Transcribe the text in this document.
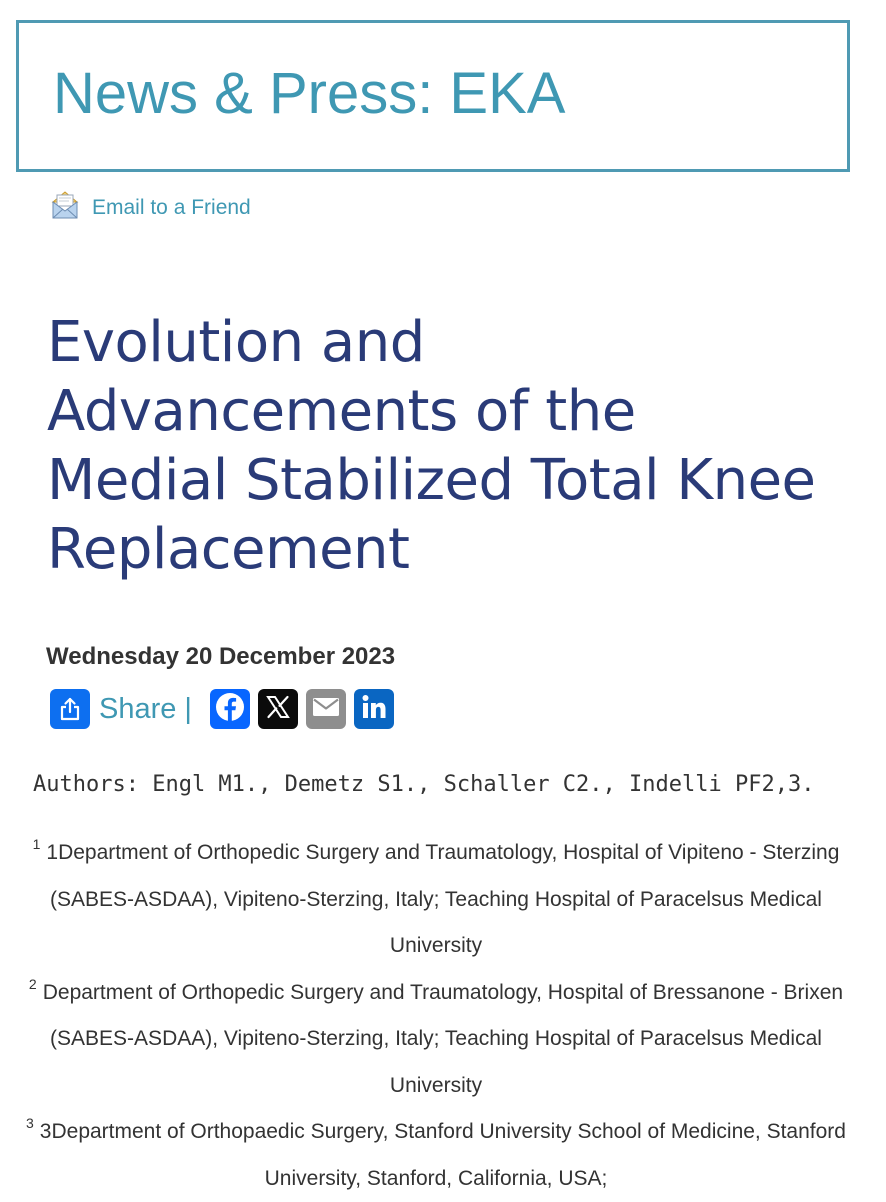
News & Press: EKA
Email to a Friend
Evolution and Advancements of the Medial Stabilized Total Knee Replacement
Wednesday 20 December 2023
Share |
Authors: Engl M1., Demetz S1., Schaller C2., Indelli PF2,3.

$^1$ 1Department of Orthopedic Surgery and Traumatology, Hospital of Vipiteno - Sterzing (SABES-ASDAA), Vipiteno-Sterzing, Italy; Teaching Hospital of Paracelsus Medical University

$^2$ Department of Orthopedic Surgery and Traumatology, Hospital of Bressanone - Brixen (SABES-ASDAA), Vipiteno-Sterzing, Italy; Teaching Hospital of Paracelsus Medical University

$^3$ 3Department of Orthopaedic Surgery, Stanford University School of Medicine, Stanford University, Stanford, California, USA;
